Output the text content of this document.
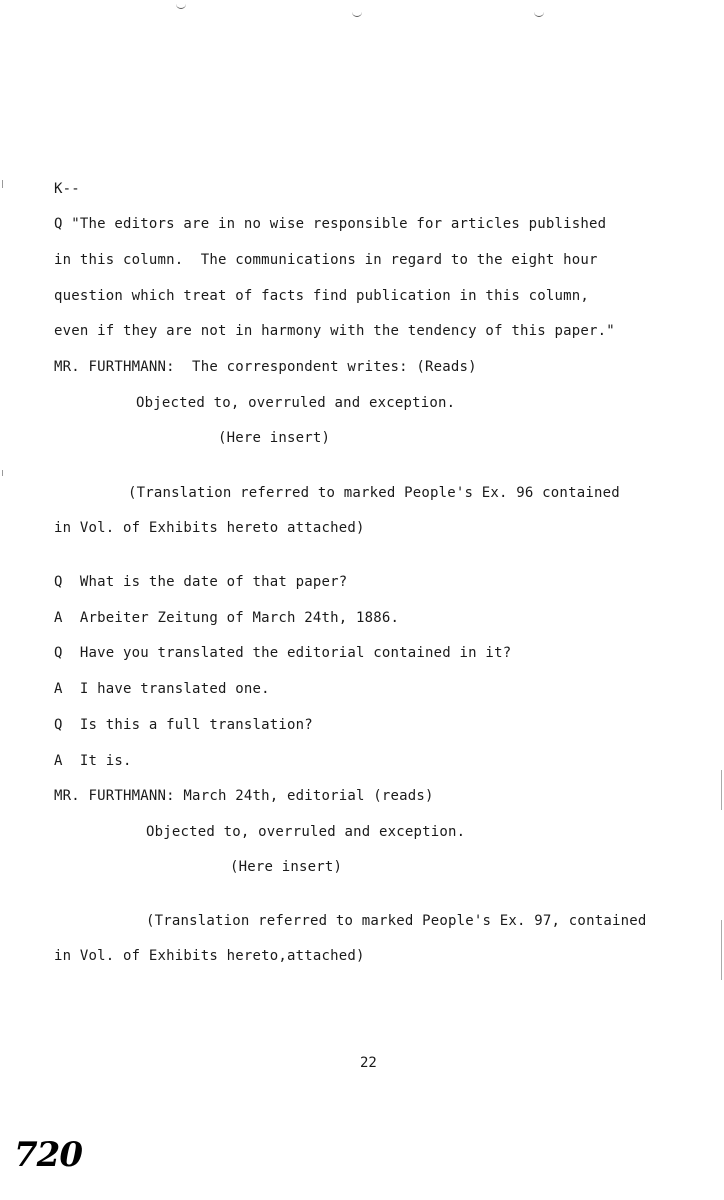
K--
Q "The editors are in no wise responsible for articles published
in this column.  The communications in regard to the eight hour
question which treat of facts find publication in this column,
even if they are not in harmony with the tendency of this paper."
MR. FURTHMANN:  The correspondent writes: (Reads)
Objected to, overruled and exception.
(Here insert)
(Translation referred to marked People's Ex. 96 contained
in Vol. of Exhibits hereto attached)
Q  What is the date of that paper?
A  Arbeiter Zeitung of March 24th, 1886.
Q  Have you translated the editorial contained in it?
A  I have translated one.
Q  Is this a full translation?
A  It is.
MR. FURTHMANN: March 24th, editorial (reads)
Objected to, overruled and exception.
(Here insert)
(Translation referred to marked People's Ex. 97, contained
in Vol. of Exhibits hereto,attached)
22
720
